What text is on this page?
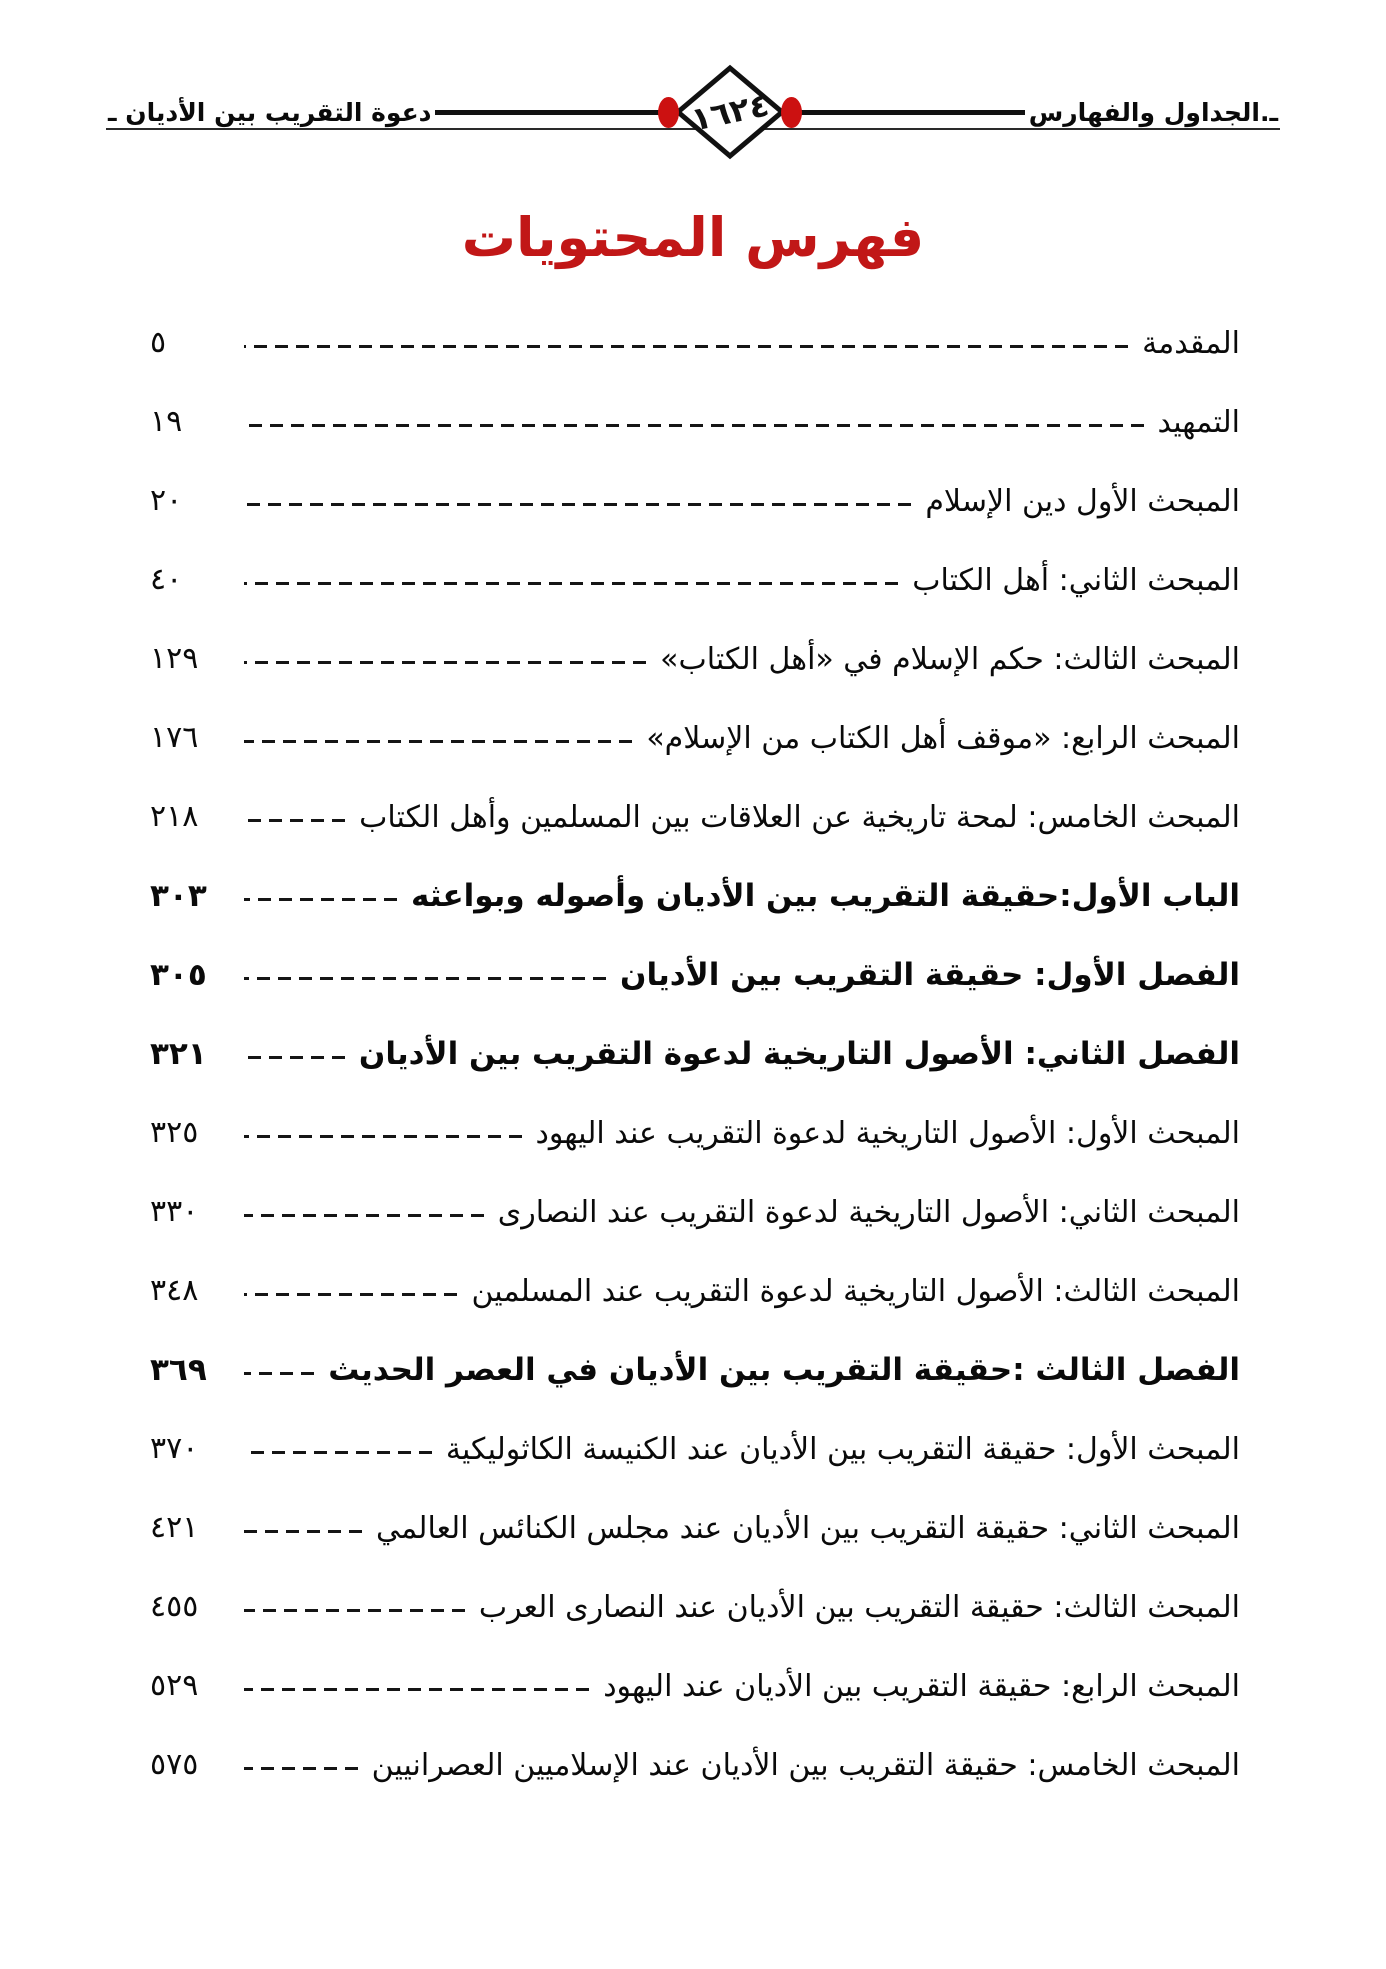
ـ.الجداول والفهارس
١٦٢٤
دعوة التقريب بين الأديان ـ
فهرس المحتويات
المقدمة
٥
التمهيد
١٩
المبحث الأول دين الإسلام
٢٠
المبحث الثاني: أهل الكتاب
٤٠
المبحث الثالث: حكم الإسلام في «أهل الكتاب»
١٢٩
المبحث الرابع: «موقف أهل الكتاب من الإسلام»
١٧٦
المبحث الخامس: لمحة تاريخية عن العلاقات بين المسلمين وأهل الكتاب
٢١٨
الباب الأول:حقيقة التقريب بين الأديان وأصوله وبواعثه
٣٠٣
الفصل الأول: حقيقة التقريب بين الأديان
٣٠٥
الفصل الثاني: الأصول التاريخية لدعوة التقريب بين الأديان
٣٢١
المبحث الأول: الأصول التاريخية لدعوة التقريب عند اليهود
٣٢٥
المبحث الثاني: الأصول التاريخية لدعوة التقريب عند النصارى
٣٣٠
المبحث الثالث: الأصول التاريخية لدعوة التقريب عند المسلمين
٣٤٨
الفصل الثالث :حقيقة التقريب بين الأديان في العصر الحديث
٣٦٩
المبحث الأول: حقيقة التقريب بين الأديان عند الكنيسة الكاثوليكية
٣٧٠
المبحث الثاني: حقيقة التقريب بين الأديان عند مجلس الكنائس العالمي
٤٢١
المبحث الثالث: حقيقة التقريب بين الأديان عند النصارى العرب
٤٥٥
المبحث الرابع: حقيقة التقريب بين الأديان عند اليهود
٥٢٩
المبحث الخامس: حقيقة التقريب بين الأديان عند الإسلاميين العصرانيين
٥٧٥
